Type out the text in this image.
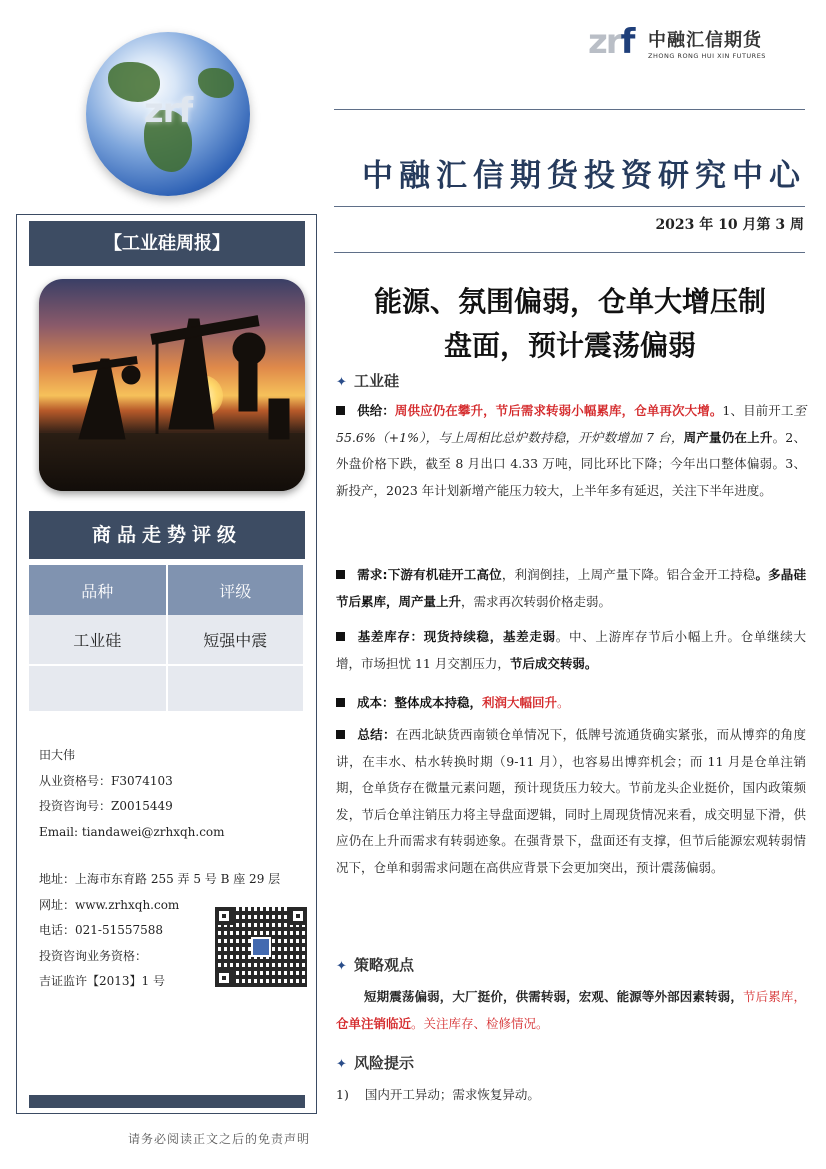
zrf
zrf 中融汇信期货
ZHONG RONG HUI XIN FUTURES
中融汇信期货投资研究中心
2023 年 10 月第 3 周
【工业硅周报】
商品走势评级
品种	评级
工业硅	短强中震

田大伟
从业资格号：F3074103
投资咨询号：Z0015449
Email: tiandawei@zrhxqh.com
地址：上海市东育路 255 弄 5 号 B 座 29 层
网址：www.zrhxqh.com
电话：021-51557588
投资咨询业务资格：
吉证监许【2013】1 号
能源、氛围偏弱，仓单大增压制
盘面，预计震荡偏弱
✦ 工业硅
供给：周供应仍在攀升，节后需求转弱小幅累库，仓单再次大增。1、目前开工至 55.6%（+1%），与上周相比总炉数持稳，开炉数增加 7 台，周产量仍在上升。2、外盘价格下跌，截至 8 月出口 4.33 万吨，同比环比下降；今年出口整体偏弱。3、新投产，2023 年计划新增产能压力较大，上半年多有延迟，关注下半年进度。
需求:下游有机硅开工高位，利润倒挂，上周产量下降。铝合金开工持稳。多晶硅节后累库，周产量上升，需求再次转弱价格走弱。
基差库存：现货持续稳，基差走弱。中、上游库存节后小幅上升。仓单继续大增，市场担忧 11 月交割压力，节后成交转弱。
成本：整体成本持稳，利润大幅回升。
总结：在西北缺货西南锁仓单情况下，低牌号流通货确实紧张，而从博弈的角度讲，在丰水、枯水转换时期（9-11 月），也容易出博弈机会；而 11 月是仓单注销期，仓单货存在微量元素问题，预计现货压力较大。节前龙头企业挺价，国内政策频发，节后仓单注销压力将主导盘面逻辑，同时上周现货情况来看，成交明显下滑，供应仍在上升而需求有转弱迹象。在强背景下，盘面还有支撑，但节后能源宏观转弱情况下，仓单和弱需求问题在高供应背景下会更加突出，预计震荡偏弱。
✦ 策略观点
短期震荡偏弱，大厂挺价，供需转弱，宏观、能源等外部因素转弱，节后累库，仓单注销临近。关注库存、检修情况。
✦ 风险提示
1) 国内开工异动；需求恢复异动。
请务必阅读正文之后的免责声明
